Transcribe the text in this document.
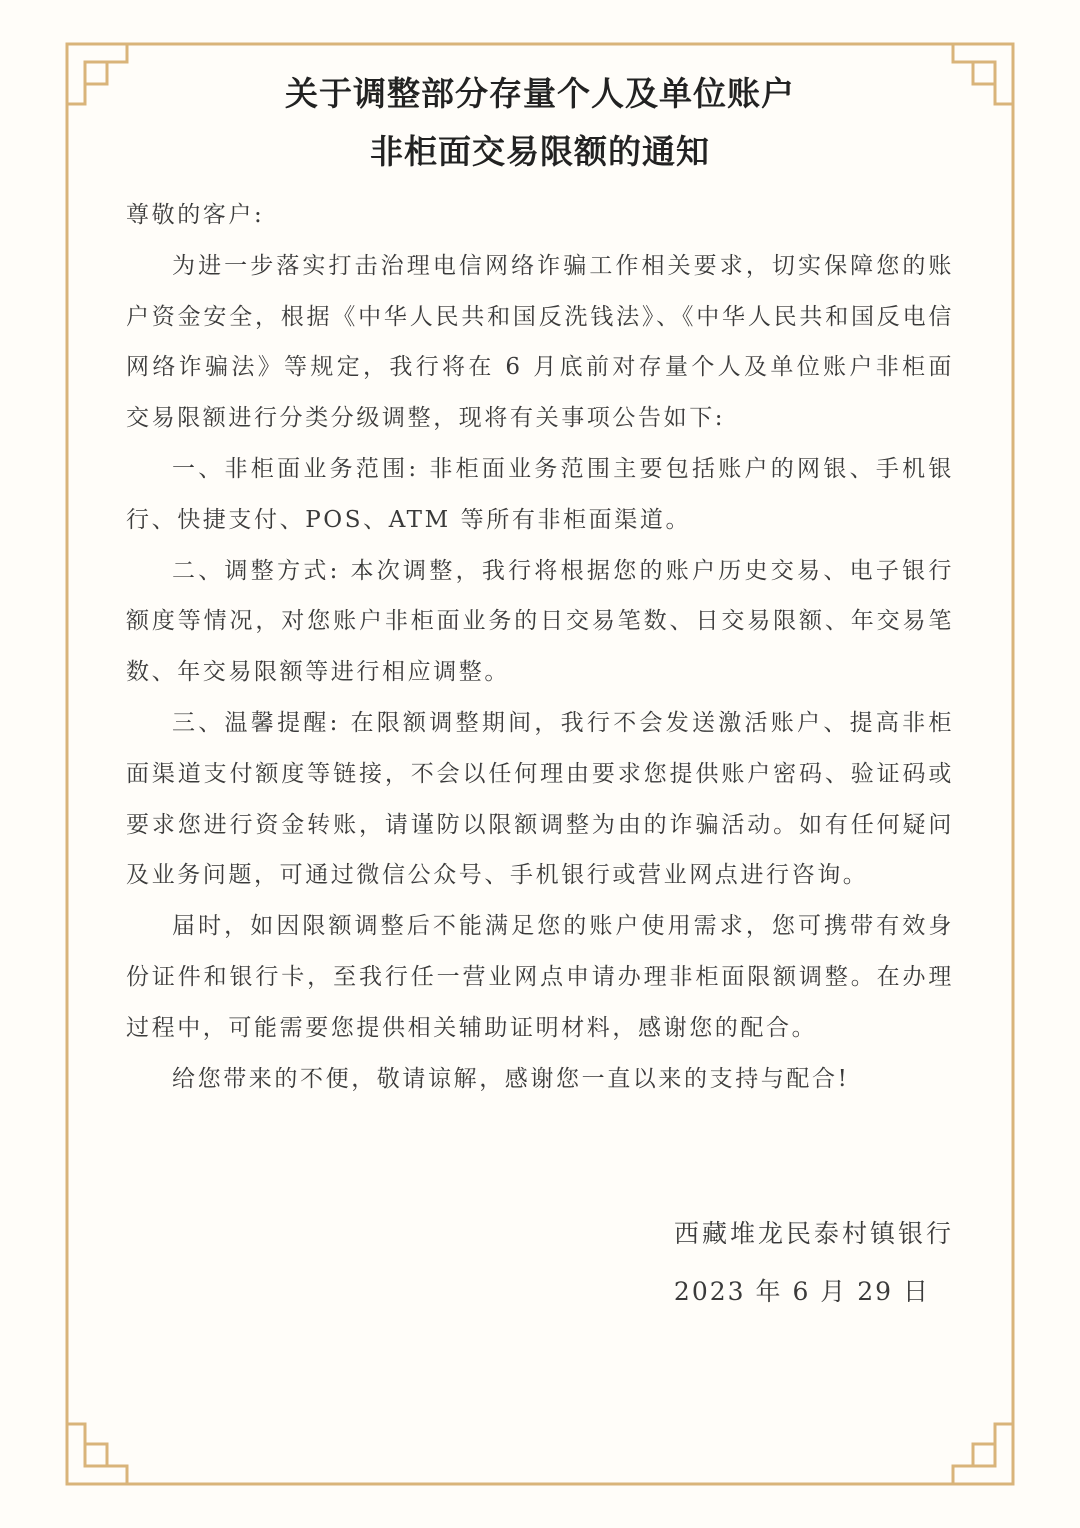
关于调整部分存量个人及单位账户
非柜面交易限额的通知

尊敬的客户:

为进一步落实打击治理电信网络诈骗工作相关要求，切实保障您的账户资金安全，根据《中华人民共和国反洗钱法》、《中华人民共和国反电信网络诈骗法》等规定，我行将在 6 月底前对存量个人及单位账户非柜面交易限额进行分类分级调整，现将有关事项公告如下:

一、非柜面业务范围: 非柜面业务范围主要包括账户的网银、手机银行、快捷支付、POS、ATM 等所有非柜面渠道。

二、调整方式: 本次调整，我行将根据您的账户历史交易、电子银行额度等情况，对您账户非柜面业务的日交易笔数、日交易限额、年交易笔数、年交易限额等进行相应调整。

三、温馨提醒: 在限额调整期间，我行不会发送激活账户、提高非柜面渠道支付额度等链接，不会以任何理由要求您提供账户密码、验证码或要求您进行资金转账，请谨防以限额调整为由的诈骗活动。如有任何疑问及业务问题，可通过微信公众号、手机银行或营业网点进行咨询。

届时，如因限额调整后不能满足您的账户使用需求，您可携带有效身份证件和银行卡，至我行任一营业网点申请办理非柜面限额调整。在办理过程中，可能需要您提供相关辅助证明材料，感谢您的配合。

给您带来的不便，敬请谅解，感谢您一直以来的支持与配合!

西藏堆龙民泰村镇银行

2023 年 6 月 29 日
